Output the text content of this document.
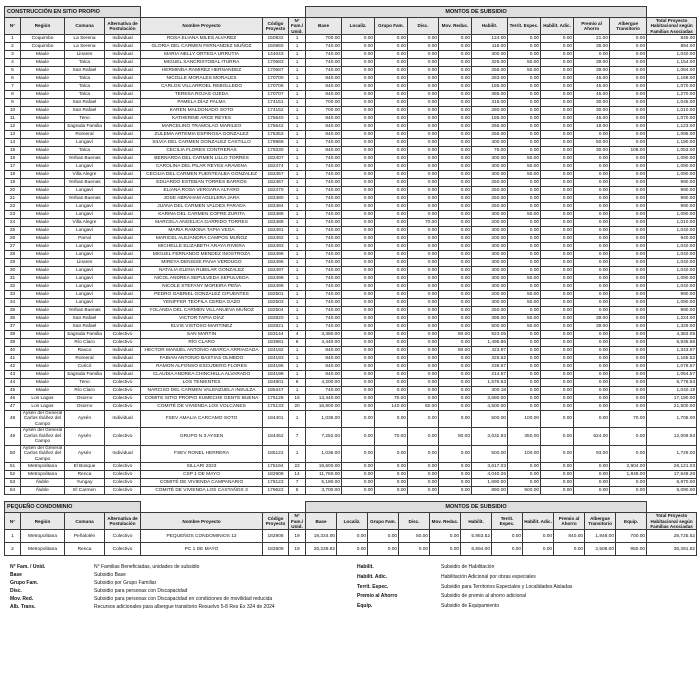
CONSTRUCCIÓN EN SITIO PROPIO							MONTOS DE SUBSIDIO										
N°	Región	Comuna	Alternativa de Postulación	Nombre Proyecto	Código Proyecto	N° Fam./ Unid.	Base	Localiz.	Grupo Fam.	Disc.	Mov. Reduc.	Habilit.	Territ. Espec.	Habilit. Adic.	Premio al Ahorro	Albergue Transitorio	Total Proyecto Habitacional según Familias Asociadas
1	Coquimbo	La Serena	Individual	ROSA ELIANA MILES ALVAREZ	150832	1	700.00	0.00	0.00	0.00	0.00	124.00	0.00	0.00	21.00	0.00	845.00
2	Coquimbo	La Serena	Individual	GLORIA DEL CARMEN FERNANDEZ MUÑOZ	150850	1	740.00	0.00	0.00	0.00	0.00	118.00	0.00	0.00	36.00	0.00	894.00
3	Maule	Linares	Individual	MARIA NELLY ORTEGA URRUTIA	144043	1	740.00	0.00	0.00	0.00	0.00	300.00	0.00	0.00	0.00	0.00	1,040.00
4	Maule	Talca	Individual	MIGUEL SANCRISTOBAL ITURRA	170683	1	740.00	0.00	0.00	0.00	0.00	325.00	50.00	0.00	39.00	0.00	1,154.00
5	Maule	San Rafael	Individual	HERMINDA RAMIREZ HERNANDEZ	170687	1	740.00	0.00	0.00	0.00	0.00	255.00	50.00	0.00	39.00	0.00	1,084.00
6	Maule	Talca	Individual	NICOLLE MORALES MORALES	170700	1	840.00	0.00	0.00	0.00	0.00	283.00	0.00	0.00	45.00	0.00	1,168.00
7	Maule	Talca	Individual	CARLOS VILLARROEL REBOLLEDO	170706	1	840.00	0.00	0.00	0.00	0.00	185.00	0.00	0.00	45.00	0.00	1,070.00
8	Maule	Talca	Individual	TERESA ROJAS OJEDA	170707	1	840.00	0.00	0.00	0.00	0.00	385.00	0.00	0.00	45.00	0.00	1,270.00
9	Maule	San Rafael	Individual	PAMELA DÍAZ PALMA	174151	1	700.00	0.00	0.00	0.00	0.00	315.00	0.00	0.00	30.00	0.00	1,045.00
10	Maule	San Rafael	Individual	KAREN MALDONADO SOTO	174152	1	700.00	0.00	0.00	0.00	0.00	280.00	0.00	0.00	30.00	0.00	1,010.00
11	Maule	Teno	Individual	KATHERINE ARCE REYES	175640	1	840.00	0.00	0.00	0.00	0.00	185.00	0.00	0.00	45.00	0.00	1,070.00
12	Maule	Sagrada Familia	Individual	MARCELINO TRAMOLAO MARILEO	175642	1	840.00	0.00	0.00	0.00	0.00	265.00	0.00	0.00	18.00	0.00	1,123.00
13	Maule	Romeral	Individual	ZULEMA ARTEMIA ESPINOSA GONZALEZ	176353	1	840.00	0.00	0.00	0.00	0.00	255.00	0.00	0.00	0.00	0.00	1,095.00
14	Maule	Longaví	Individual	SILVIA DEL CARMEN GONZALEZ CASTILLO	178968	1	740.00	0.00	0.00	0.00	0.00	400.00	0.00	0.00	50.00	0.00	1,190.00
15	Maule	Talca	Individual	CECILIA FLORES CONTRERAS	179330	1	840.00	0.00	0.00	0.00	0.00	75.00	0.00	0.00	30.00	108.00	1,053.00
16	Maule	Yerbas Buenas	Individual	BERNARDA DEL CARMEN LILLO TORRES	182407	1	740.00	0.00	0.00	0.00	0.00	300.00	50.00	0.00	0.00	0.00	1,090.00
17	Maule	Longaví	Individual	CAROLINA DEL PILAR REYES ARAVENA	182474	1	740.00	0.00	0.00	0.00	0.00	300.00	50.00	0.00	0.00	0.00	1,090.00
18	Maule	Villa Alegre	Individual	CECILIA DEL CARMEN FUENTEALBA GONZALEZ	182457	1	740.00	0.00	0.00	0.00	0.00	300.00	50.00	0.00	0.00	0.00	1,090.00
19	Maule	Yerbas Buenas	Individual	EDUARDO ESTEBAN TORRES BARROS	182467	1	740.00	0.00	0.00	0.00	0.00	250.00	0.00	0.00	0.00	0.00	990.00
20	Maule	Longaví	Individual	ELIANA ROSA VERGARA ALFARO	182470	1	740.00	0.00	0.00	0.00	0.00	250.00	0.00	0.00	0.00	0.00	990.00
21	Maule	Yerbas Buenas	Individual	JOSE ABRAHAM AGUILERA JARA	182480	1	740.00	0.00	0.00	0.00	0.00	250.00	0.00	0.00	0.00	0.00	990.00
22	Maule	Longaví	Individual	JUANA DEL CARMEN VALDES PARADA	182484	1	740.00	0.00	0.00	0.00	0.00	250.00	0.00	0.00	0.00	0.00	990.00
23	Maule	Longaví	Individual	KARINA DEL CARMEN COFRE ZURITA	182486	1	740.00	0.00	0.00	0.00	0.00	300.00	50.00	0.00	0.00	0.00	1,090.00
24	Maule	Villa Alegre	Individual	MARCELA ANGELICA GARRIDO TORRES	182488	1	740.00	0.00	0.00	70.00	0.00	200.00	0.00	0.00	0.00	0.00	1,010.00
25	Maule	Longaví	Individual	MARIA RAMONA TAPIA VEGA	182491	1	740.00	0.00	0.00	0.00	0.00	300.00	0.00	0.00	0.00	0.00	1,040.00
26	Maule	Parral	Individual	MARICEL ALEJANDRA CAMPOS MUÑOZ	182492	1	740.00	0.00	0.00	0.00	0.00	200.00	0.00	0.00	0.00	0.00	940.00
27	Maule	Longaví	Individual	MICHELLE ELIZABETH ARAYA RIVERA	182493	1	740.00	0.00	0.00	0.00	0.00	300.00	0.00	0.00	0.00	0.00	1,040.00
28	Maule	Longaví	Individual	MIGUEL FERNANDO MENDEZ INOSTROZA	182496	1	740.00	0.00	0.00	0.00	0.00	300.00	0.00	0.00	0.00	0.00	1,040.00
29	Maule	Linares	Individual	MIREYA DENISSE PAIVA VERDUGO	182495	1	740.00	0.00	0.00	0.00	0.00	300.00	0.00	0.00	0.00	0.00	1,040.00
30	Maule	Longaví	Individual	NATALIA ELENA RUBILAR GONZALEZ	182497	1	740.00	0.00	0.00	0.00	0.00	300.00	0.00	0.00	0.00	0.00	1,040.00
31	Maule	Longaví	Individual	NICOL ANDREA SEPULVEDA SEPULVEDA	182498	1	740.00	0.00	0.00	0.00	0.00	300.00	50.00	0.00	0.00	0.00	1,090.00
32	Maule	Longaví	Individual	NICOLE STEFANY MOREIRA PEÑA	182499	1	740.00	0.00	0.00	0.00	0.00	300.00	0.00	0.00	0.00	0.00	1,040.00
33	Maule	Longaví	Individual	PEDRO GABRIEL GONZALEZ CIFUENTES	182501	1	740.00	0.00	0.00	0.00	0.00	200.00	50.00	0.00	0.00	0.00	990.00
34	Maule	Longaví	Individual	YENIFFER TEOFILA CERDA GAZO	182503	1	740.00	0.00	0.00	0.00	0.00	300.00	50.00	0.00	0.00	0.00	1,090.00
35	Maule	Yerbas Buenas	Individual	YOLANDA DEL CARMEN VILLANUEVA MUÑOZ	182504	1	740.00	0.00	0.00	0.00	0.00	250.00	0.00	0.00	0.00	0.00	990.00
36	Maule	San Rafael	Individual	VICTOR TAPIA DÍAZ	182820	1	740.00	0.00	0.00	0.00	0.00	395.00	50.00	0.00	39.00	0.00	1,224.00
37	Maule	San Rafael	Individual	ELVIS VISTOSO MARTINEZ	182821	1	740.00	0.00	0.00	0.00	0.00	500.00	50.00	0.00	39.00	0.00	1,329.00
38	Maule	Sagrada Familia	Colectivo	SAN MARTIN	183144	4	3,360.00	0.00	0.00	0.00	80.00	923.05	0.00	0.00	0.00	0.00	4,363.05
39	Maule	Río Claro	Colectivo	RÍO CLARO	183981	6	4,440.00	0.00	0.00	0.00	0.00	1,495.86	0.00	0.00	0.00	0.00	5,935.86
40	Maule	Rauco	Individual	HECTOR MANUEL ANTONIO ABARCA ARRIAGADA	184192	1	840.00	0.00	0.00	0.00	80.00	423.97	0.00	0.00	0.00	0.00	1,343.97
41	Maule	Romeral	Individual	FABIAN ANTONIO BASTIAS OLMEDO	184193	1	840.00	0.00	0.00	0.00	0.00	325.52	0.00	0.00	0.00	0.00	1,165.52
42	Maule	Curicó	Individual	RAMON ALFONSO ESCUDERO FLORES	184195	1	840.00	0.00	0.00	0.00	0.00	238.67	0.00	0.00	0.00	0.00	1,078.67
43	Maule	Sagrada Familia	Individual	CLAUDIA ANDREA CHINCHILLA ALVARADO	184198	1	840.00	0.00	0.00	0.00	0.00	214.57	0.00	0.00	0.00	0.00	1,054.57
44	Maule	Teno	Colectivo	LOS TENIENTES	184801	6	4,200.00	0.00	0.00	0.00	0.00	1,576.53	0.00	0.00	0.00	0.00	5,776.53
45	Maule	Río Claro	Colectivo	NARCISO DEL CARMEN VALENZUELA INSULZA	185447	1	740.00	0.00	0.00	0.00	0.00	300.18	0.00	0.00	0.00	0.00	1,040.18
46	Los Lagos	Osorno	Colectivo	COMITE SITIO PROPIO KUMECHE GENTE BUENA	175128	16	13,440.00	0.00	70.00	0.00	0.00	3,680.00	0.00	0.00	0.00	0.00	17,190.00
47	Los Lagos	Osorno	Colectivo	COMITÉ DE VIVIENDA LOS VOLCANES	175133	20	16,800.00	0.00	140.00	60.00	0.00	4,500.00	0.00	0.00	0.00	0.00	21,500.00
48	Aysén del General Carlos Ibáñez del Campo	Aysén	Individual	FSEV AMALIA CARCAMO SOTO	184401	1	1,036.00	0.00	0.00	0.00	0.00	500.00	100.00	0.00	0.00	70.00	1,706.00
49	Aysén del General Carlos Ibáñez del Campo	Aysén	Colectivo	GRUPO N 3 AYSEN	184452	7	7,252.00	0.00	70.00	0.00	80.00	3,632.93	350.00	0.00	624.00	0.00	12,008.93
50	Aysén del General Carlos Ibáñez del Campo	Aysén	Individual	FSEV RONEL HERRERA	185122	1	1,036.00	0.00	0.00	0.00	0.00	500.00	100.00	0.00	93.00	0.00	1,729.00
51	Metropolitana	El Bosque	Colectivo	SILLARI 2023	175194	22	19,600.00	0.00	0.00	0.00	0.00	3,617.03	0.00	0.00	0.00	2,904.00	26,121.03
52	Metropolitana	Renca	Colectivo	CSP 1 DE MAYO	182908	14	11,760.00	0.00	0.00	0.00	0.00	4,040.26	0.00	0.00	0.00	1,848.00	17,648.26
53	Ñuble	Yungay	Colectivo	COMITÉ DE VIVIENDA CAMPANARIO	178123	7	5,180.00	0.00	0.00	0.00	0.00	1,690.00	0.00	0.00	0.00	0.00	6,870.00
54	Ñuble	El Carmen	Colectivo	COMITÉ DE VIVIENDA LOS CASTAÑOS 3	179622	5	3,700.00	0.00	0.00	0.00	0.00	890.00	500.00	0.00	0.00	0.00	5,090.00
PEQUEÑO CONDOMINIO							MONTOS DE SUBSIDIO											
N°	Región	Comuna	Alternativa de Postulación	Nombre Proyecto	Código Proyecto	N° Fam./ Unid.	Base	Localiz.	Grupo Fam.	Disc.	Mov. Reduc.	Habilit.	Territ. Espec.	Habilit. Adic.	Premio al Ahorro	Albergue Transitorio	Equip.	Total Proyecto Habitacional según Familias Asociadas
1	Metropolitana	Peñalolén	Colectivo	PEQUEÑOS CONDOMINIOS 12	182908	19	19,334.00	0.00	0.00	50.00	0.00	5,953.52	0.00	0.00	840.00	1,848.00	700.00	28,725.52
2	Metropolitana	Renca	Colectivo	PC 1 DE MAYO	182909	19	26,239.82	0.00	0.00	0.00	0.00	6,694.00	0.00	0.00	0.00	2,508.00	950.00	36,391.82
N° Fam. / Unid.	N° Familias Beneficiadas, unidades de subsidio
Base	Subsidio Base
Grupo Fam.	Subsidio por Grupo Familiar
Disc.	Subsidio para personas con Discapacidad
Mov. Red.	Subsidio para personas con Discapacidad en condiciones de movilidad reducida
Alb. Trans.	Recursos adicionales para albergue transitorio Resuelvo 5-8 Res Ex 324 de 2024
Habilit.	Subsidio de Habilitación
Habilit. Adic.	Habilitación Adicional por obras especiales
Territ. Espec.	Subsidio para Territorios Especiales y Localidades Aisladas
Premio al Ahorro	Subsidio de premio al ahorro adicional
Equip.	Subsidio de Equipamiento
